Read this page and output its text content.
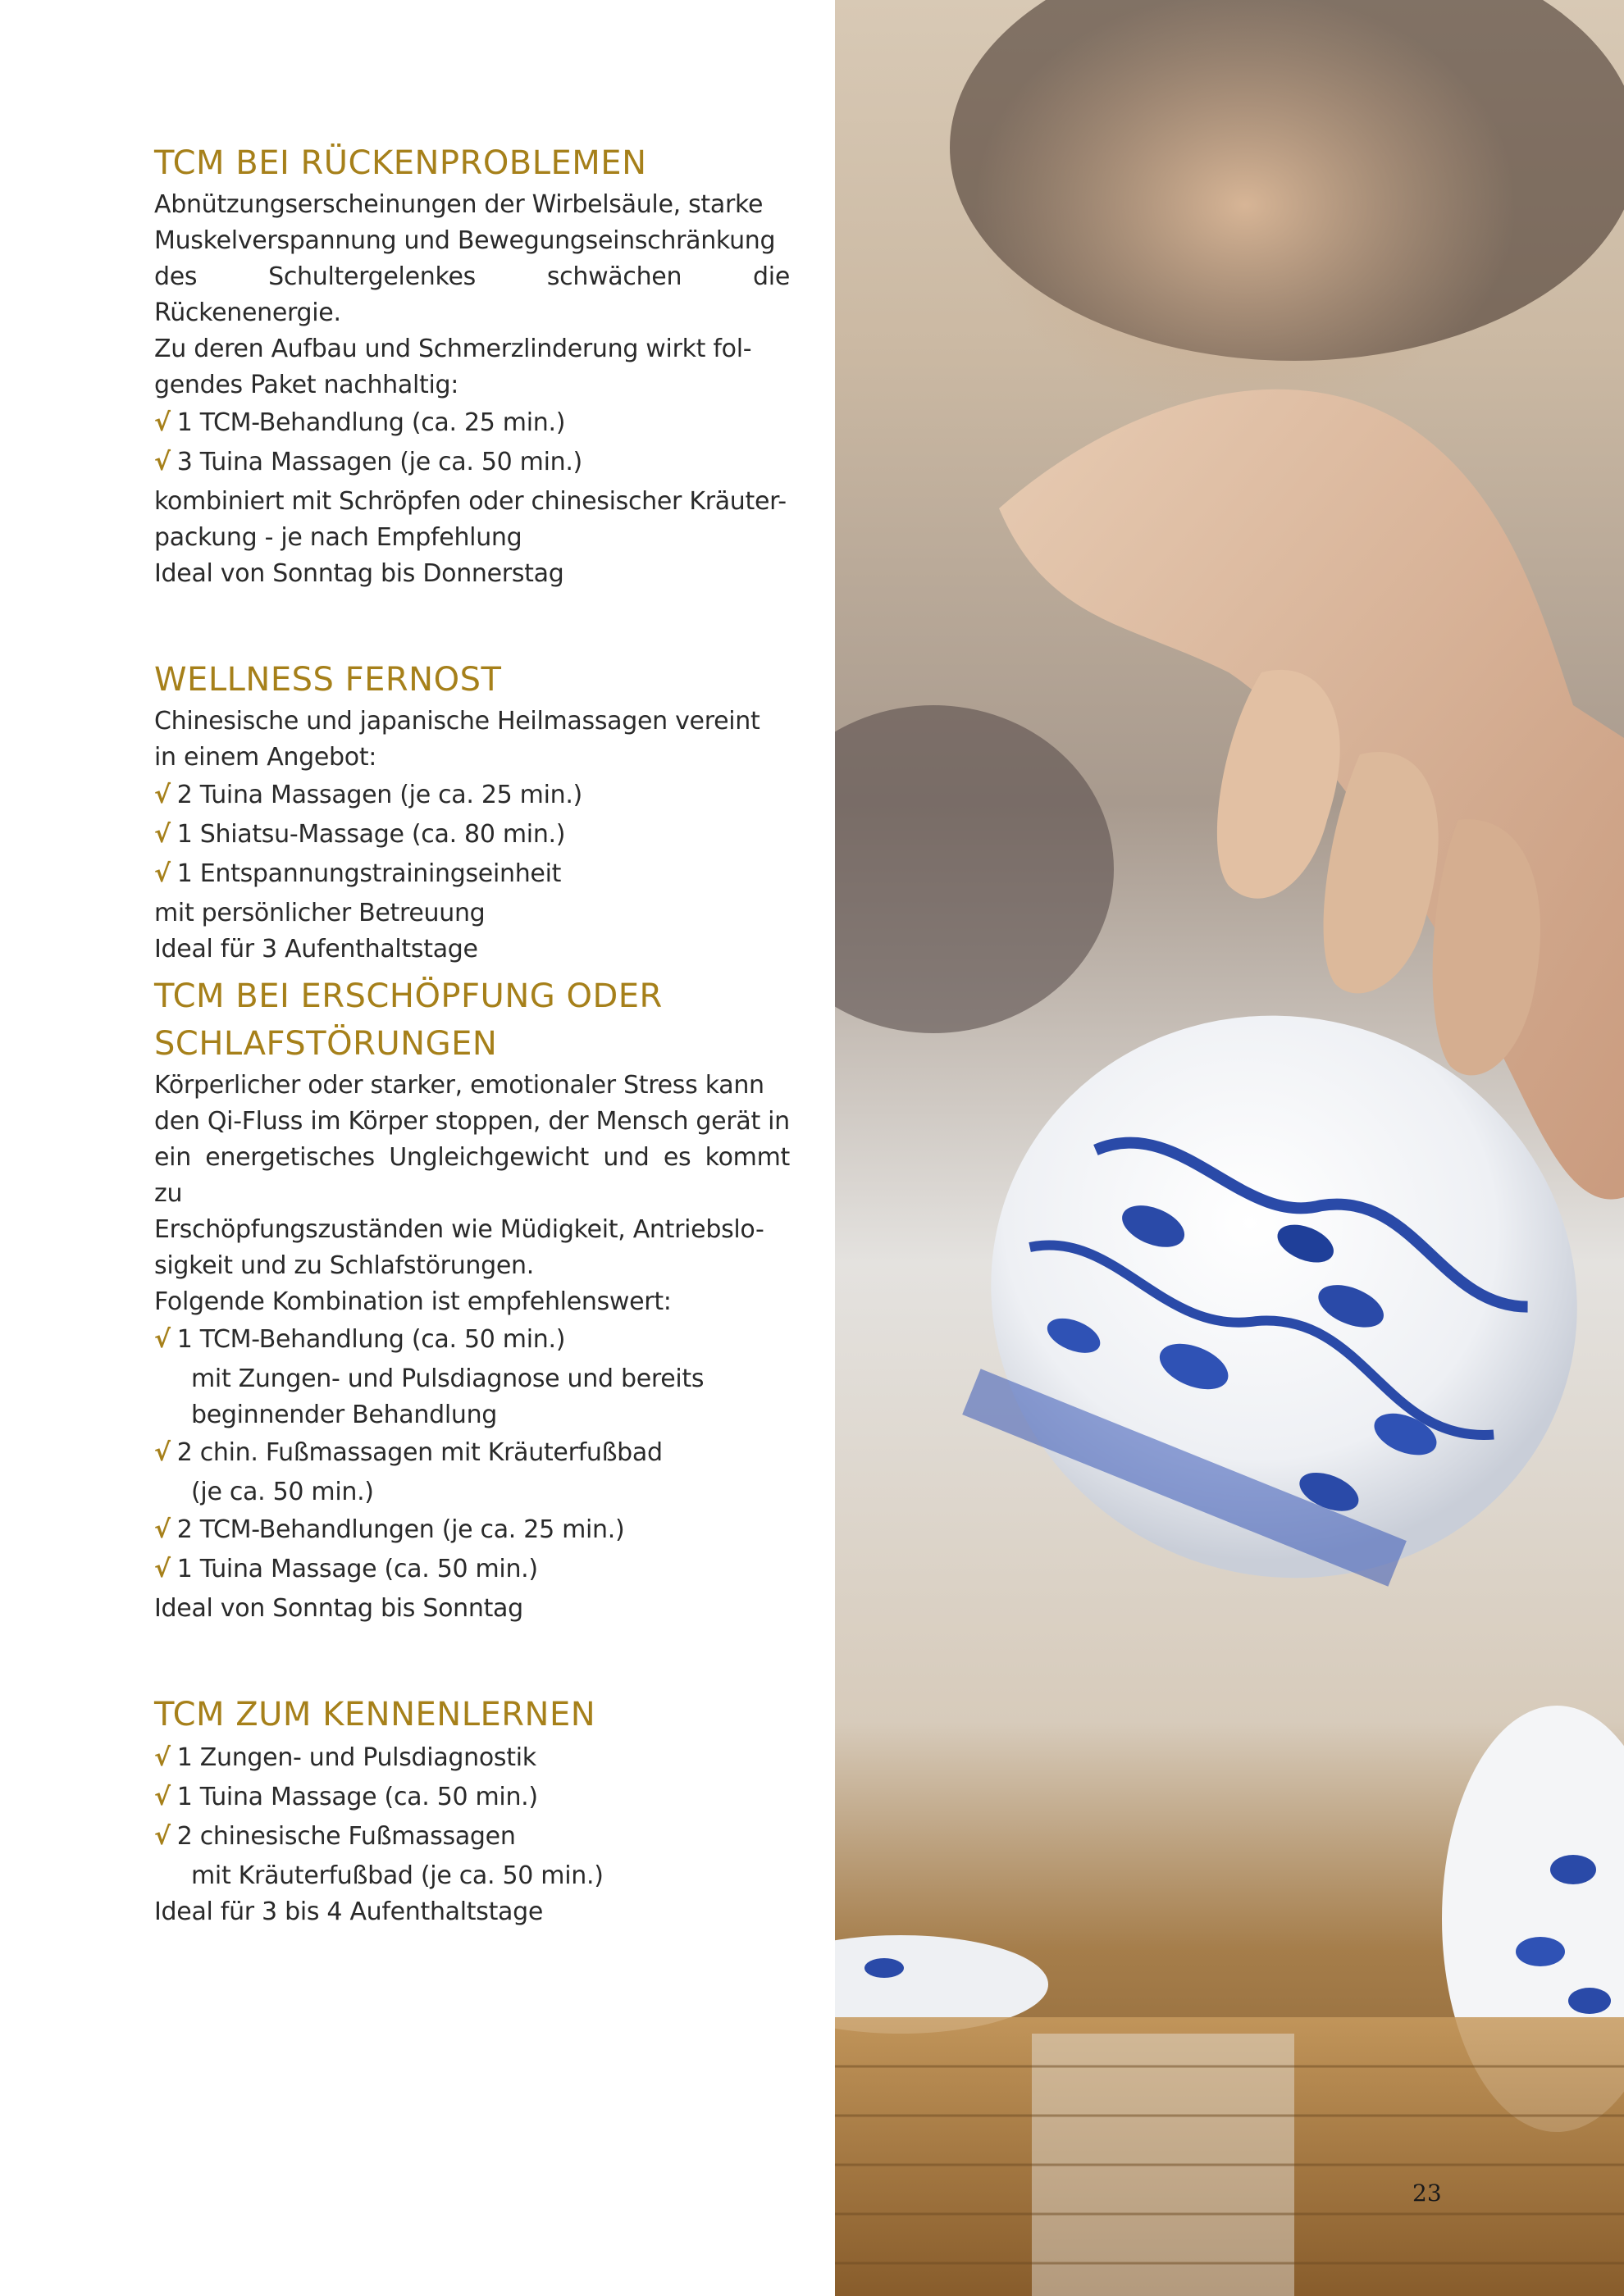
TCM BEI RÜCKENPROBLEMEN
Abnützungserscheinungen der Wirbelsäule, starke
Muskelverspannung und Bewegungseinschränkung
des Schultergelenkes schwächen die Rückenenergie.
Zu deren Aufbau und Schmerzlinderung wirkt fol-
gendes Paket nachhaltig:
√ 1 TCM-Behandlung (ca. 25 min.)
√ 3 Tuina Massagen (je ca. 50 min.)
kombiniert mit Schröpfen oder chinesischer Kräuter-
packung - je nach Empfehlung
Ideal von Sonntag bis Donnerstag
WELLNESS FERNOST
Chinesische und japanische Heilmassagen vereint
in einem Angebot:
√ 2 Tuina Massagen (je ca. 25 min.)
√ 1 Shiatsu-Massage (ca. 80 min.)
√ 1 Entspannungstrainingseinheit
mit persönlicher Betreuung
Ideal für 3 Aufenthaltstage
TCM BEI ERSCHÖPFUNG ODER
SCHLAFSTÖRUNGEN
Körperlicher oder starker, emotionaler Stress kann
den Qi-Fluss im Körper stoppen, der Mensch gerät in
ein energetisches Ungleichgewicht und es kommt zu
Erschöpfungszuständen wie Müdigkeit, Antriebslo-
sigkeit und zu Schlafstörungen.
Folgende Kombination ist empfehlenswert:
√ 1 TCM-Behandlung (ca. 50 min.)
mit Zungen- und Pulsdiagnose und bereits
beginnender Behandlung
√ 2 chin. Fußmassagen mit Kräuterfußbad
(je ca. 50 min.)
√ 2 TCM-Behandlungen (je ca. 25 min.)
√ 1 Tuina Massage (ca. 50 min.)
Ideal von Sonntag bis Sonntag
TCM ZUM KENNENLERNEN
√ 1 Zungen- und Pulsdiagnostik
√ 1 Tuina Massage (ca. 50 min.)
√ 2 chinesische Fußmassagen
mit Kräuterfußbad (je ca. 50 min.)
Ideal für 3 bis 4 Aufenthaltstage
23
